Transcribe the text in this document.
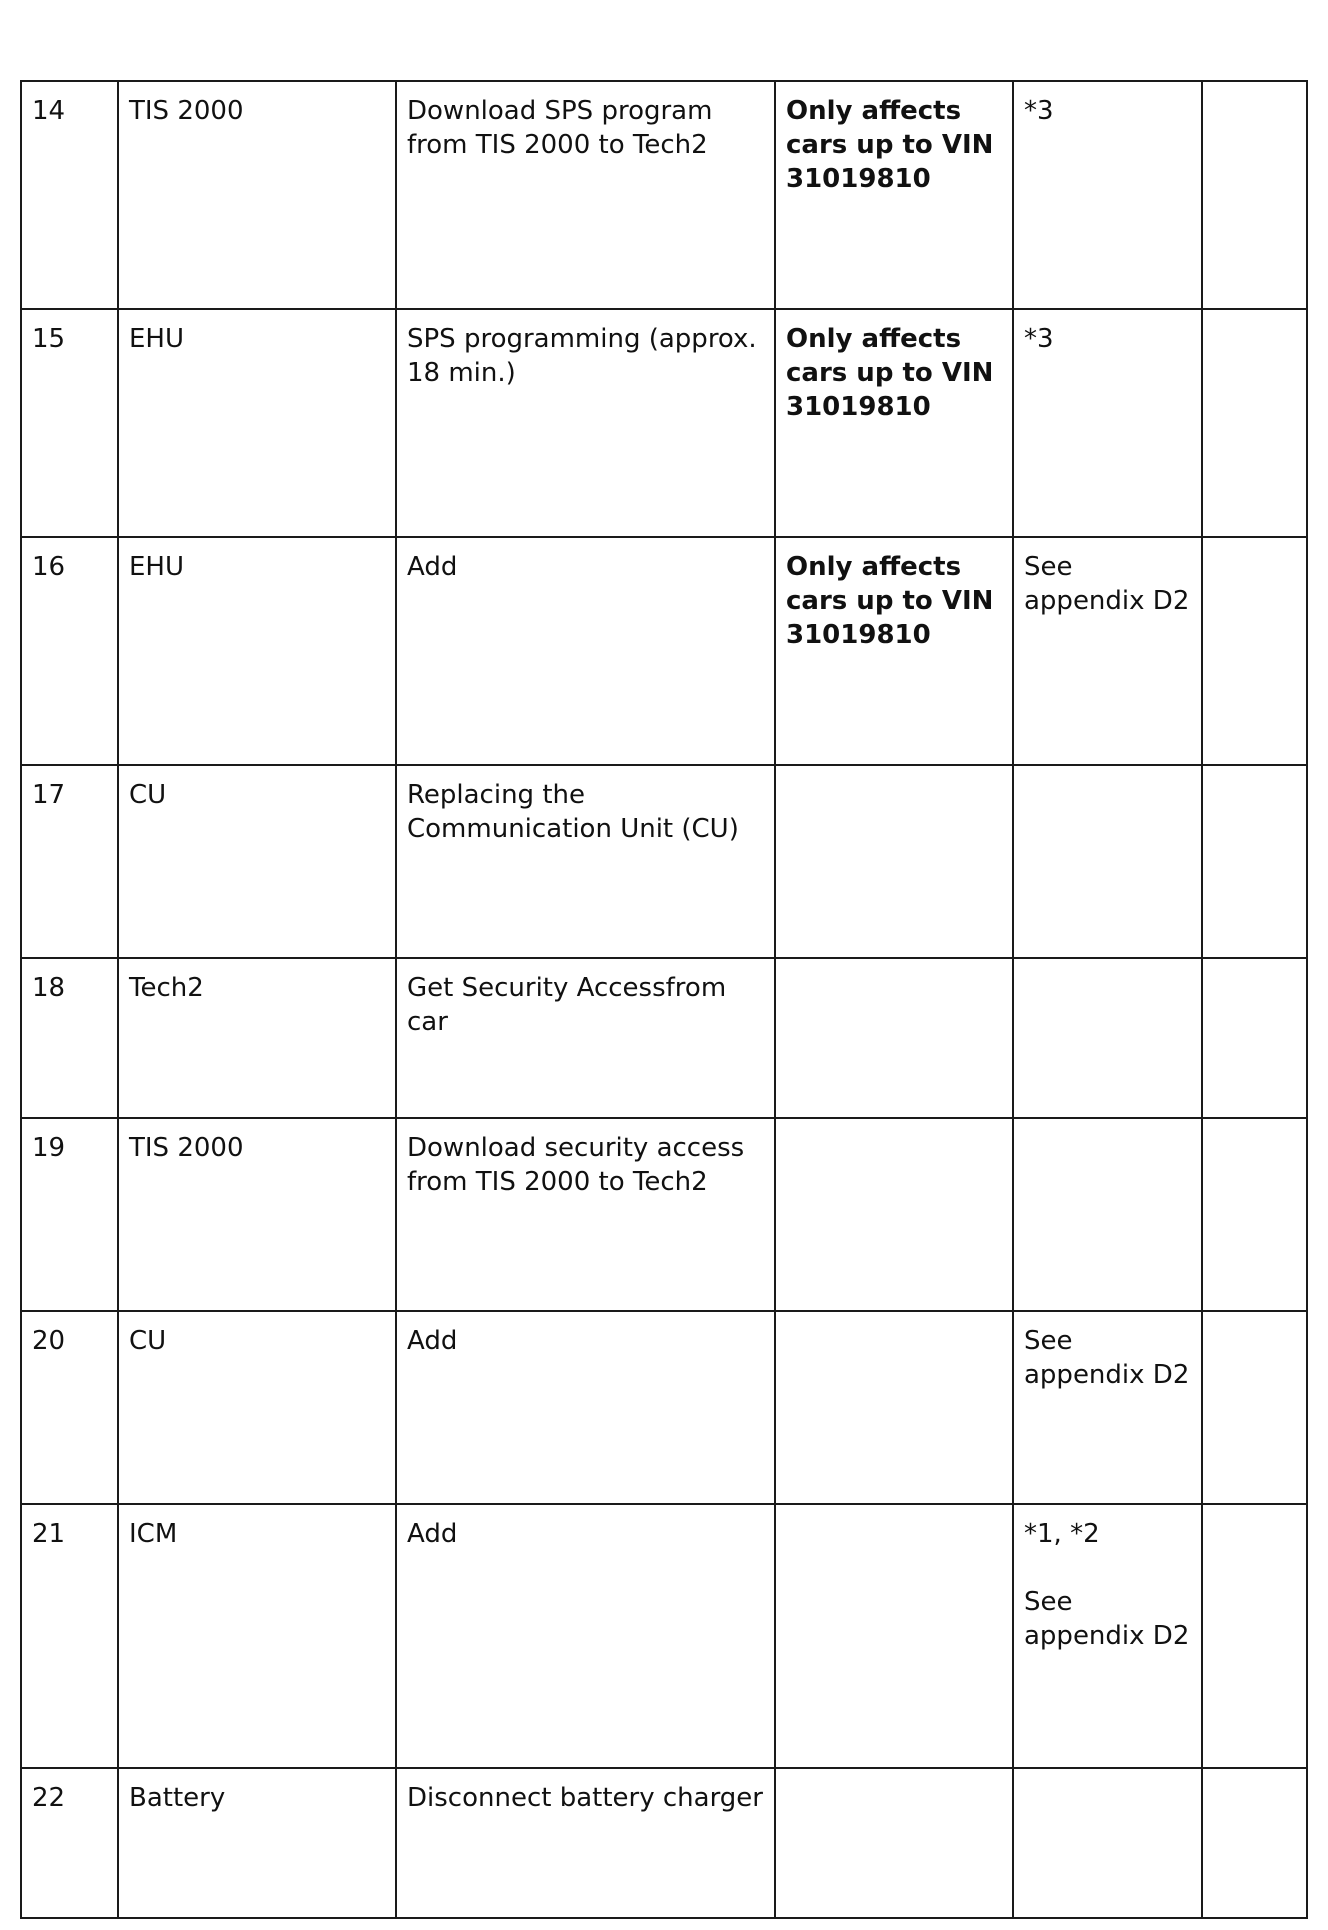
14	TIS 2000	Download SPS program from TIS 2000 to Tech2	Only affects cars up to VIN 31019810	*3	
15	EHU	SPS programming (approx. 18 min.)	Only affects cars up to VIN 31019810	*3	
16	EHU	Add	Only affects cars up to VIN 31019810	See appendix D2	
17	CU	Replacing the Communication Unit (CU)			
18	Tech2	Get Security Accessfrom car			
19	TIS 2000	Download security access from TIS 2000 to Tech2			
20	CU	Add		See appendix D2	
21	ICM	Add		*1, *2

See appendix D2	
22	Battery	Disconnect battery charger			
